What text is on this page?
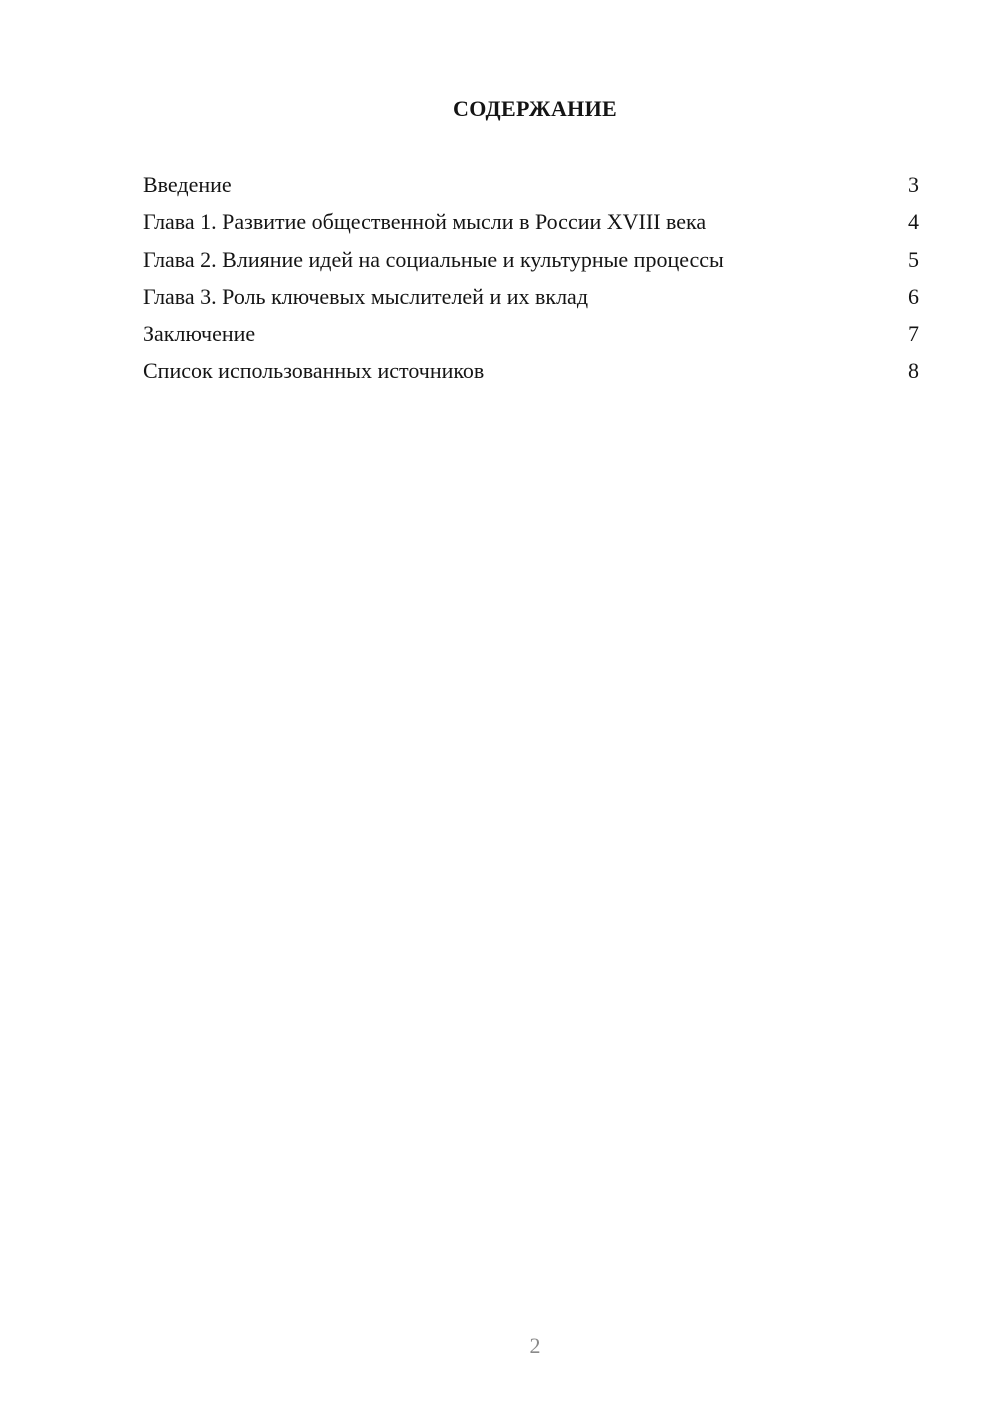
СОДЕРЖАНИЕ
Введение	3
Глава 1. Развитие общественной мысли в России XVIII века	4
Глава 2. Влияние идей на социальные и культурные процессы	5
Глава 3. Роль ключевых мыслителей и их вклад	6
Заключение	7
Список использованных источников	8
2
